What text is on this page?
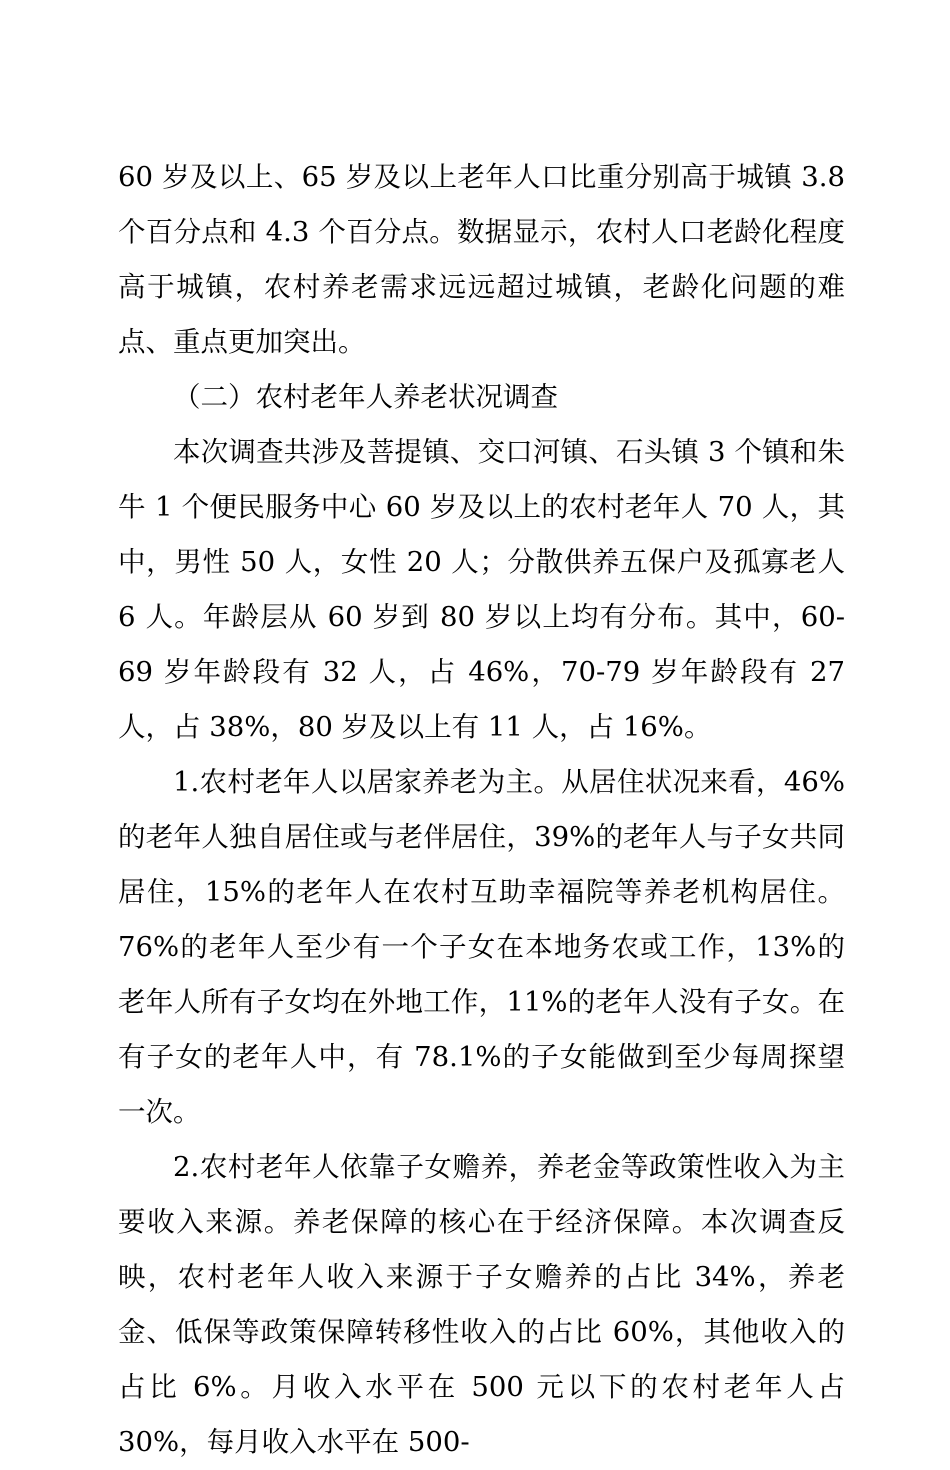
60 岁及以上、65 岁及以上老年人口比重分别高于城镇 3.8 个百分点和 4.3 个百分点。数据显示，农村人口老龄化程度高于城镇，农村养老需求远远超过城镇，老龄化问题的难点、重点更加突出。

（二）农村老年人养老状况调查

本次调查共涉及菩提镇、交口河镇、石头镇 3 个镇和朱牛 1 个便民服务中心 60 岁及以上的农村老年人 70 人，其中，男性 50 人，女性 20 人；分散供养五保户及孤寡老人 6 人。年龄层从 60 岁到 80 岁以上均有分布。其中，60-69 岁年龄段有 32 人，占 46%，70-79 岁年龄段有 27 人，占 38%，80 岁及以上有 11 人，占 16%。

1.农村老年人以居家养老为主。从居住状况来看，46%的老年人独自居住或与老伴居住，39%的老年人与子女共同居住，15%的老年人在农村互助幸福院等养老机构居住。76%的老年人至少有一个子女在本地务农或工作，13%的老年人所有子女均在外地工作，11%的老年人没有子女。在有子女的老年人中，有 78.1%的子女能做到至少每周探望一次。

2.农村老年人依靠子女赡养，养老金等政策性收入为主要收入来源。养老保障的核心在于经济保障。本次调查反映，农村老年人收入来源于子女赡养的占比 34%，养老金、低保等政策保障转移性收入的占比 60%，其他收入的占比 6%。月收入水平在 500 元以下的农村老年人占 30%，每月收入水平在 500-
